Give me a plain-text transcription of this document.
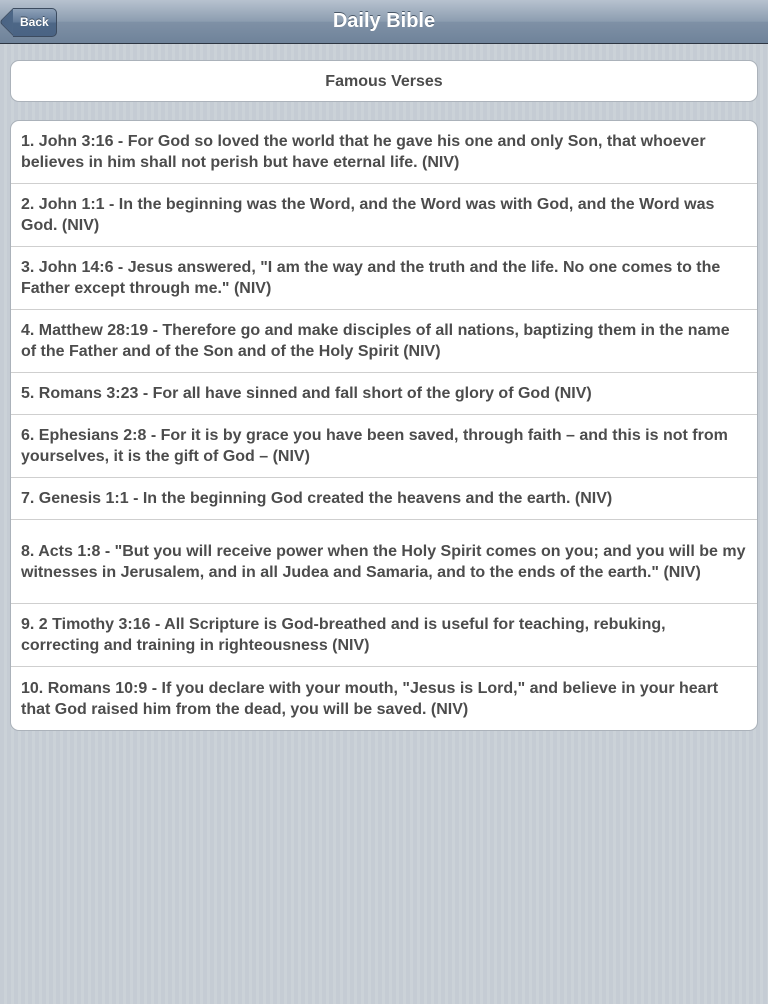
Back	Daily Bible
Famous Verses
1. John 3:16 - For God so loved the world that he gave his one and only Son, that whoever believes in him shall not perish but have eternal life. (NIV)
2. John 1:1 - In the beginning was the Word, and the Word was with God, and the Word was God. (NIV)
3. John 14:6 - Jesus answered, "I am the way and the truth and the life. No one comes to the Father except through me." (NIV)
4. Matthew 28:19 - Therefore go and make disciples of all nations, baptizing them in the name of the Father and of the Son and of the Holy Spirit (NIV)
5. Romans 3:23 - For all have sinned and fall short of the glory of God (NIV)
6. Ephesians 2:8 - For it is by grace you have been saved, through faith – and this is not from yourselves, it is the gift of God – (NIV)
7. Genesis 1:1 - In the beginning God created the heavens and the earth. (NIV)
8. Acts 1:8 - "But you will receive power when the Holy Spirit comes on you; and you will be my witnesses in Jerusalem, and in all Judea and Samaria, and to the ends of the earth." (NIV)
9. 2 Timothy 3:16 - All Scripture is God-breathed and is useful for teaching, rebuking, correcting and training in righteousness (NIV)
10. Romans 10:9 - If you declare with your mouth, "Jesus is Lord," and believe in your heart that God raised him from the dead, you will be saved. (NIV)
